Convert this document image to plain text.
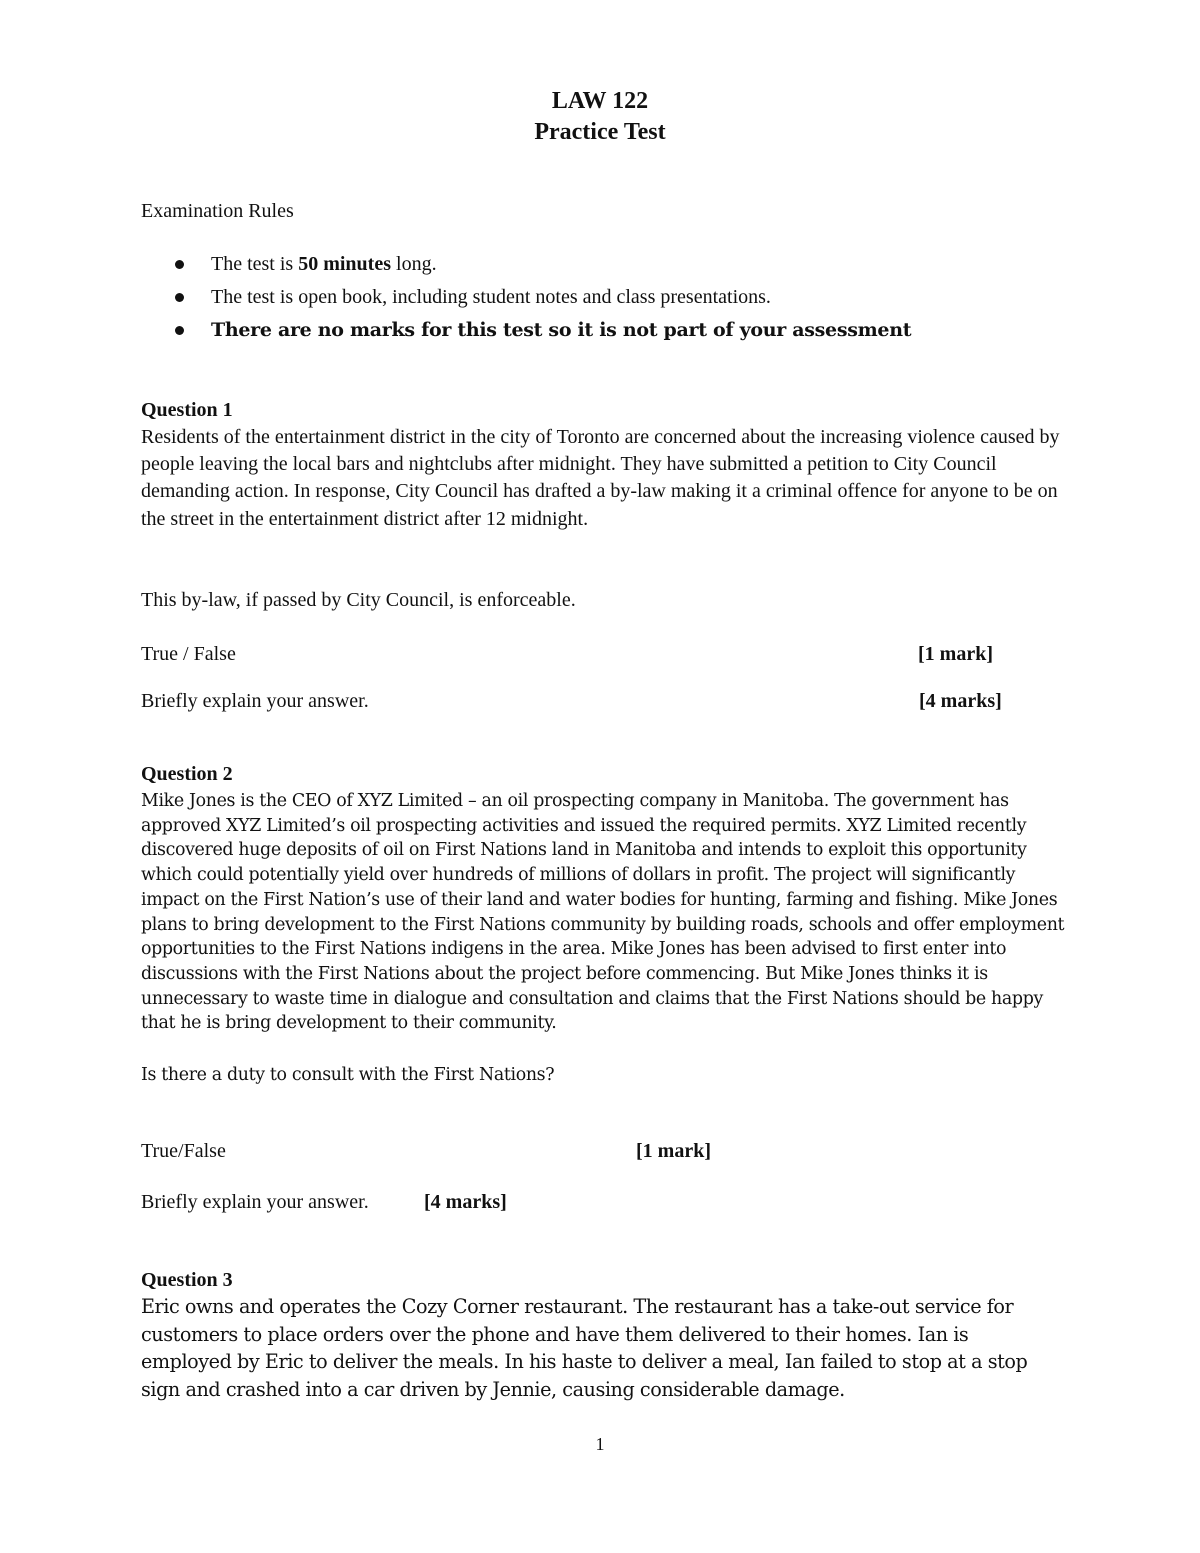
LAW 122
Practice Test
Examination Rules
The test is 50 minutes long.
The test is open book, including student notes and class presentations.
There are no marks for this test so it is not part of your assessment
Question 1
Residents of the entertainment district in the city of Toronto are concerned about the increasing violence caused by people leaving the local bars and nightclubs after midnight. They have submitted a petition to City Council demanding action. In response, City Council has drafted a by-law making it a criminal offence for anyone to be on the street in the entertainment district after 12 midnight.
This by-law, if passed by City Council, is enforceable.
True / False	[1 mark]
Briefly explain your answer.	[4 marks]
Question 2
Mike Jones is the CEO of XYZ Limited – an oil prospecting company in Manitoba. The government has approved XYZ Limited’s oil prospecting activities and issued the required permits. XYZ Limited recently discovered huge deposits of oil on First Nations land in Manitoba and intends to exploit this opportunity which could potentially yield over hundreds of millions of dollars in profit. The project will significantly impact on the First Nation’s use of their land and water bodies for hunting, farming and fishing. Mike Jones plans to bring development to the First Nations community by building roads, schools and offer employment opportunities to the First Nations indigens in the area. Mike Jones has been advised to first enter into discussions with the First Nations about the project before commencing. But Mike Jones thinks it is unnecessary to waste time in dialogue and consultation and claims that the First Nations should be happy that he is bring development to their community.
Is there a duty to consult with the First Nations?
True/False	[1 mark]
Briefly explain your answer.	[4 marks]
Question 3
Eric owns and operates the Cozy Corner restaurant. The restaurant has a take-out service for customers to place orders over the phone and have them delivered to their homes. Ian is employed by Eric to deliver the meals. In his haste to deliver a meal, Ian failed to stop at a stop sign and crashed into a car driven by Jennie, causing considerable damage.
1
